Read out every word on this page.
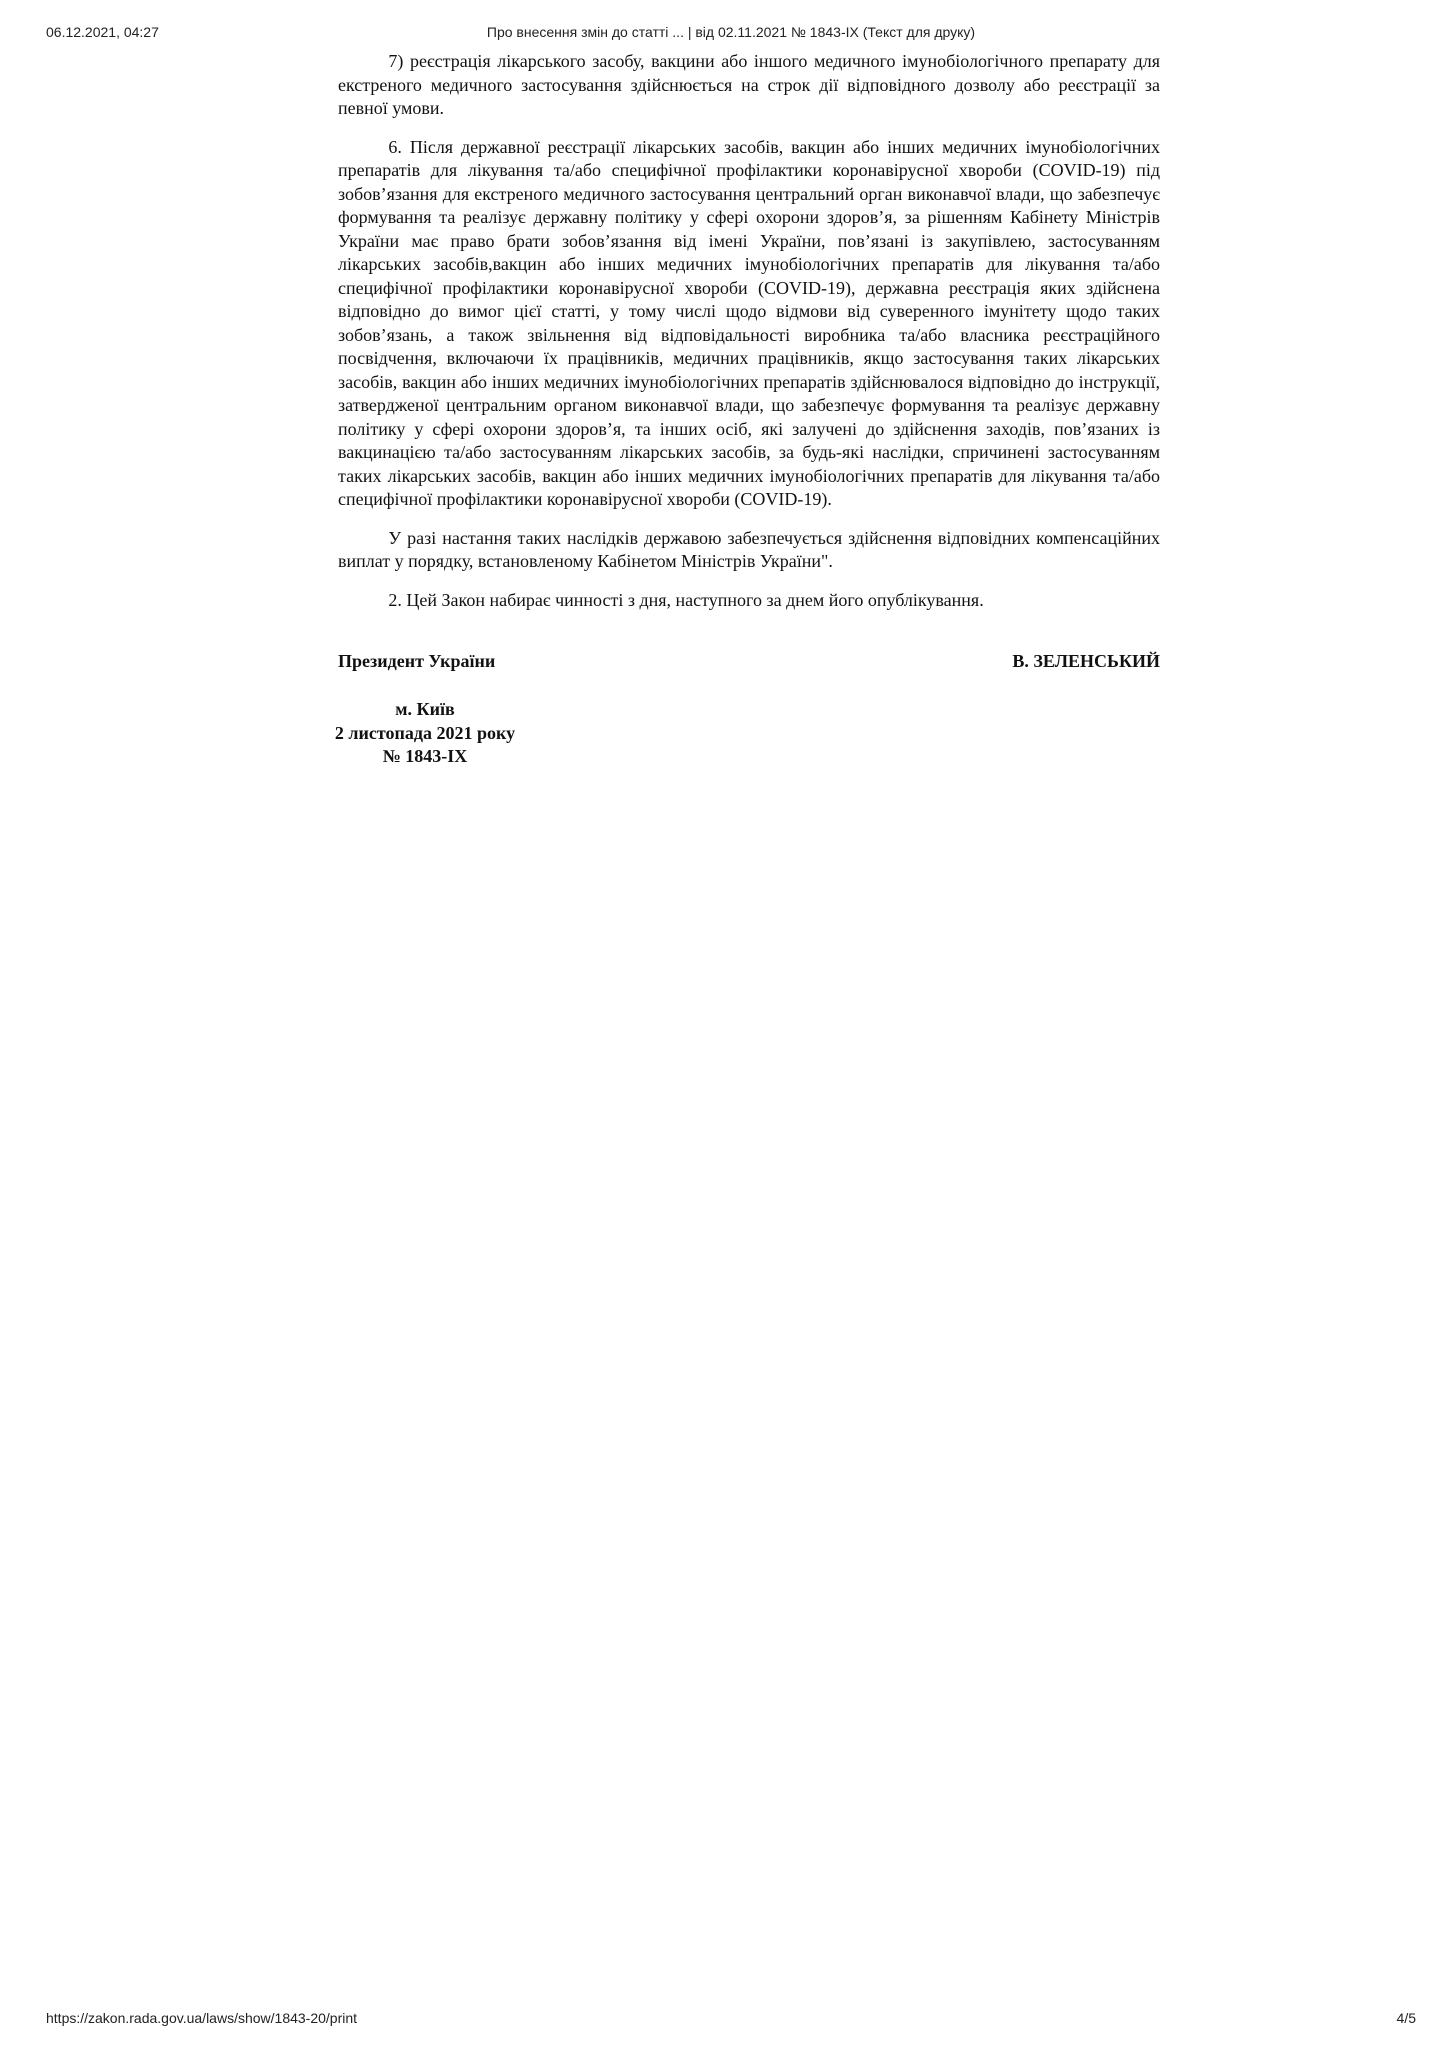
06.12.2021, 04:27	Про внесення змін до статті ... | від 02.11.2021 № 1843-IX (Текст для друку)

7) реєстрація лікарського засобу, вакцини або іншого медичного імунобіологічного препарату для екстреного медичного застосування здійснюється на строк дії відповідного дозволу або реєстрації за певної умови.

6. Після державної реєстрації лікарських засобів, вакцин або інших медичних імунобіологічних препаратів для лікування та/або специфічної профілактики коронавірусної хвороби (COVID-19) під зобов’язання для екстреного медичного застосування центральний орган виконавчої влади, що забезпечує формування та реалізує державну політику у сфері охорони здоров’я, за рішенням Кабінету Міністрів України має право брати зобов’язання від імені України, пов’язані із закупівлею, застосуванням лікарських засобів,вакцин або інших медичних імунобіологічних препаратів для лікування та/або специфічної профілактики коронавірусної хвороби (COVID-19), державна реєстрація яких здійснена відповідно до вимог цієї статті, у тому числі щодо відмови від суверенного імунітету щодо таких зобов’язань, а також звільнення від відповідальності виробника та/або власника реєстраційного посвідчення, включаючи їх працівників, медичних працівників, якщо застосування таких лікарських засобів, вакцин або інших медичних імунобіологічних препаратів здійснювалося відповідно до інструкції, затвердженої центральним органом виконавчої влади, що забезпечує формування та реалізує державну політику у сфері охорони здоров’я, та інших осіб, які залучені до здійснення заходів, пов’язаних із вакцинацією та/або застосуванням лікарських засобів, за будь-які наслідки, спричинені застосуванням таких лікарських засобів, вакцин або інших медичних імунобіологічних препаратів для лікування та/або специфічної профілактики коронавірусної хвороби (COVID-19).

У разі настання таких наслідків державою забезпечується здійснення відповідних компенсаційних виплат у порядку, встановленому Кабінетом Міністрів України".

2. Цей Закон набирає чинності з дня, наступного за днем його опублікування.

Президент України	В. ЗЕЛЕНСЬКИЙ
м. Київ
2 листопада 2021 року
№ 1843-IX
https://zakon.rada.gov.ua/laws/show/1843-20/print	4/5
